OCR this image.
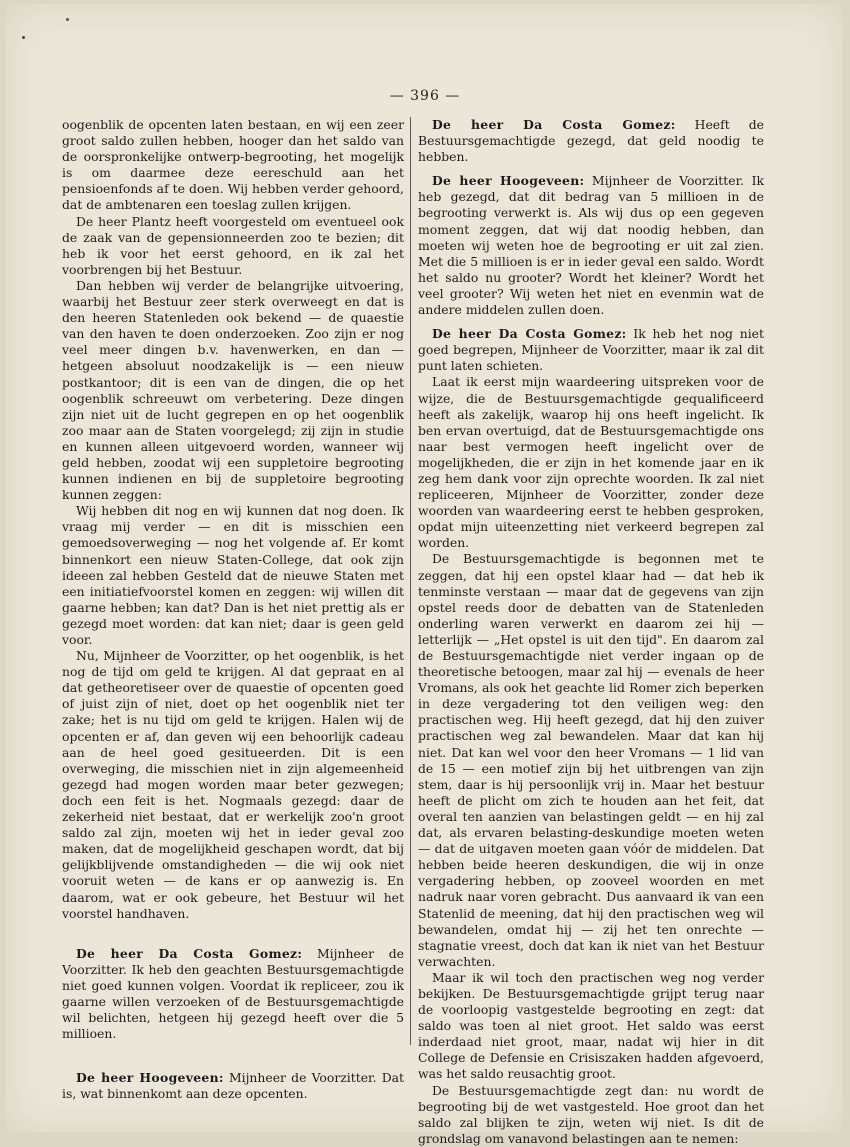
— 396 —

oogenblik de opcenten laten bestaan, en wij een zeer groot saldo zullen hebben, hooger dan het saldo van de oorspronkelijke ontwerp-begrooting, het mogelijk is om daarmee deze eereschuld aan het pensioenfonds af te doen. Wij hebben verder gehoord, dat de ambtenaren een toeslag zullen krijgen.

De heer Plantz heeft voorgesteld om eventueel ook de zaak van de gepensionneerden zoo te bezien; dit heb ik voor het eerst gehoord, en ik zal het voorbrengen bij het Bestuur.

Dan hebben wij verder de belangrijke uitvoering, waarbij het Bestuur zeer sterk overweegt en dat is den heeren Statenleden ook bekend — de quaestie van den haven te doen onderzoeken. Zoo zijn er nog veel meer dingen b.v. havenwerken, en dan — hetgeen absoluut noodzakelijk is — een nieuw postkantoor; dit is een van de dingen, die op het oogenblik schreeuwt om verbetering. Deze dingen zijn niet uit de lucht gegrepen en op het oogenblik zoo maar aan de Staten voorgelegd; zij zijn in studie en kunnen alleen uitgevoerd worden, wanneer wij geld hebben, zoodat wij een suppletoire begrooting kunnen indienen en bij de suppletoire begrooting kunnen zeggen:

Wij hebben dit nog en wij kunnen dat nog doen. Ik vraag mij verder — en dit is misschien een gemoedsoverweging — nog het volgende af. Er komt binnenkort een nieuw Staten-College, dat ook zijn ideeen zal hebben Gesteld dat de nieuwe Staten met een initiatiefvoorstel komen en zeggen: wij willen dit gaarne hebben; kan dat? Dan is het niet prettig als er gezegd moet worden: dat kan niet; daar is geen geld voor.

Nu, Mijnheer de Voorzitter, op het oogenblik, is het nog de tijd om geld te krijgen. Al dat gepraat en al dat getheoretiseer over de quaestie of opcenten goed of juist zijn of niet, doet op het oogenblik niet ter zake; het is nu tijd om geld te krijgen. Halen wij de opcenten er af, dan geven wij een behoorlijk cadeau aan de heel goed gesitueerden. Dit is een overweging, die misschien niet in zijn algemeenheid gezegd had mogen worden maar beter gezwegen; doch een feit is het. Nogmaals gezegd: daar de zekerheid niet bestaat, dat er werkelijk zoo'n groot saldo zal zijn, moeten wij het in ieder geval zoo maken, dat de mogelijkheid geschapen wordt, dat bij gelijkblijvende omstandigheden — die wij ook niet vooruit weten — de kans er op aanwezig is. En daarom, wat er ook gebeure, het Bestuur wil het voorstel handhaven.

De heer Da Costa Gomez: Mijnheer de Voorzitter. Ik heb den geachten Bestuursgemachtigde niet goed kunnen volgen. Voordat ik repliceer, zou ik gaarne willen verzoeken of de Bestuursgemachtigde wil belichten, hetgeen hij gezegd heeft over die 5 millioen.

De heer Hoogeveen: Mijnheer de Voorzitter. Dat is, wat binnenkomt aan deze opcenten.

De heer Da Costa Gomez: Heeft de Bestuursgemachtigde gezegd, dat geld noodig te hebben.

De heer Hoogeveen: Mijnheer de Voorzitter. Ik heb gezegd, dat dit bedrag van 5 millioen in de begrooting verwerkt is. Als wij dus op een gegeven moment zeggen, dat wij dat noodig hebben, dan moeten wij weten hoe de begrooting er uit zal zien. Met die 5 millioen is er in ieder geval een saldo. Wordt het saldo nu grooter? Wordt het kleiner? Wordt het veel grooter? Wij weten het niet en evenmin wat de andere middelen zullen doen.

De heer Da Costa Gomez: Ik heb het nog niet goed begrepen, Mijnheer de Voorzitter, maar ik zal dit punt laten schieten.

Laat ik eerst mijn waardeering uitspreken voor de wijze, die de Bestuursgemachtigde gequalificeerd heeft als zakelijk, waarop hij ons heeft ingelicht. Ik ben ervan overtuigd, dat de Bestuursgemachtigde ons naar best vermogen heeft ingelicht over de mogelijkheden, die er zijn in het komende jaar en ik zeg hem dank voor zijn oprechte woorden. Ik zal niet repliceeren, Mijnheer de Voorzitter, zonder deze woorden van waardeering eerst te hebben gesproken, opdat mijn uiteenzetting niet verkeerd begrepen zal worden.

De Bestuursgemachtigde is begonnen met te zeggen, dat hij een opstel klaar had — dat heb ik tenminste verstaan — maar dat de gegevens van zijn opstel reeds door de debatten van de Statenleden onderling waren verwerkt en daarom zei hij — letterlijk — „Het opstel is uit den tijd". En daarom zal de Bestuursgemachtigde niet verder ingaan op de theoretische betoogen, maar zal hij — evenals de heer Vromans, als ook het geachte lid Romer zich beperken in deze vergadering tot den veiligen weg: den practischen weg. Hij heeft gezegd, dat hij den zuiver practischen weg zal bewandelen. Maar dat kan hij niet. Dat kan wel voor den heer Vromans — 1 lid van de 15 — een motief zijn bij het uitbrengen van zijn stem, daar is hij persoonlijk vrij in. Maar het bestuur heeft de plicht om zich te houden aan het feit, dat overal ten aanzien van belastingen geldt — en hij zal dat, als ervaren belasting-deskundige moeten weten — dat de uitgaven moeten gaan vóór de middelen. Dat hebben beide heeren deskundigen, die wij in onze vergadering hebben, op zooveel woorden en met nadruk naar voren gebracht. Dus aanvaard ik van een Statenlid de meening, dat hij den practischen weg wil bewandelen, omdat hij — zij het ten onrechte — stagnatie vreest, doch dat kan ik niet van het Bestuur verwachten.

Maar ik wil toch den practischen weg nog verder bekijken. De Bestuursgemachtigde grijpt terug naar de voorloopig vastgestelde begrooting en zegt: dat saldo was toen al niet groot. Het saldo was eerst inderdaad niet groot, maar, nadat wij hier in dit College de Defensie en Crisiszaken hadden afgevoerd, was het saldo reusachtig groot.

De Bestuursgemachtigde zegt dan: nu wordt de begrooting bij de wet vastgesteld. Hoe groot dan het saldo zal blijken te zijn, weten wij niet. Is dit de grondslag om vanavond belastingen aan te nemen:
